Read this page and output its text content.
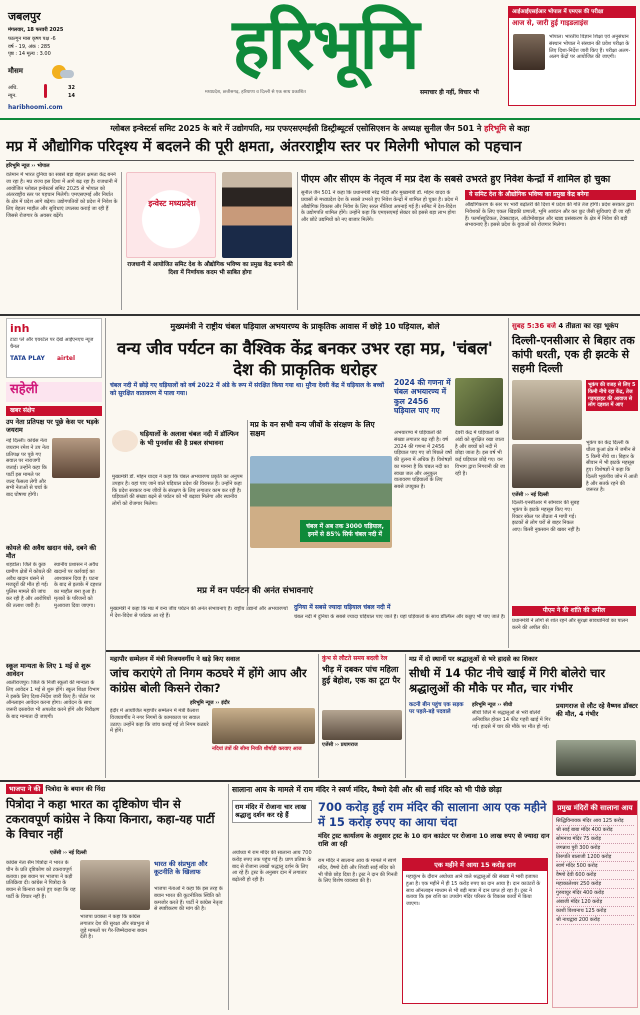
जबलपुर
मंगलवार, 18 फरवरी 2025
फाल्गुन मास कृष्ण पक्ष -6
वर्ष - 19, अंक : 285
पृष्ठ : 14 मूल्य : 3.00
मौसम
अधि.	32
न्यून.	14
haribhoomi.com
हरिभूमि
मध्यप्रदेश, छत्तीसगढ़, हरियाणा व दिल्ली से एक साथ प्रकाशित	समाचार ही नहीं, विचार भी
आईआईएसईआर भोपाल में एमएस की परीक्षा
आज से, जारी हुई गाइडलाइंस
भोपाल। भारतीय विज्ञान शिक्षा एवं अनुसंधान संस्थान भोपाल ने संस्थान की प्रवेश परीक्षा के लिए दिशा-निर्देश जारी किए हैं। परीक्षा अलग-अलग केंद्रों पर आयोजित की जाएगी।
ग्लोबल इन्वेस्टर्स समिट 2025 के बारे में उद्योगपति, मप्र एफएसएमईसी डिस्ट्रीब्यूटर्स एसोसिएशन के अध्यक्ष सुनील जैन 501 ने हरिभूमि से कहा
मप्र में औद्योगिक परिदृश्य में बदलने की पूरी क्षमता, अंतरराष्ट्रीय स्तर पर मिलेगी भोपाल को पहचान
हरिभूमि न्यूज ›› भोपाल
वर्तमान में भारत दुनिया का सबसे बड़ा बेहतर क्षमता केंद्र बनने जा रहा है। मप्र राज्य इस दिशा में आगे बढ़ रहा है। राजधानी में आयोजित ग्लोबल इन्वेस्टर्स समिट 2025 से भोपाल को अंतरराष्ट्रीय स्तर पर पहचान मिलेगी। एमएसएमई और निर्यात के क्षेत्र में प्रदेश आगे बढ़ेगा। उद्योगपतियों को प्रदेश में निवेश के लिए बेहतर माहौल और सुविधाएं उपलब्ध कराई जा रही हैं जिससे रोजगार के अवसर बढ़ेंगे।
इन्वेस्ट मध्यप्रदेश
राजधानी में आयोजित समिट देश के औद्योगिक भविष्य का प्रमुख केंद्र बनाने की दिशा में निर्णायक कदम भी साबित होगा
पीएम और सीएम के नेतृत्व में मप्र देश के सबसे उभरते हुए निवेश केन्द्रों में शामिल हो चुका
सुनील जैन 501 ने कहा कि प्रधानमंत्री नरेंद्र मोदी और मुख्यमंत्री डॉ. मोहन यादव के प्रयासों से मध्यप्रदेश देश के सबसे उभरते हुए निवेश केन्द्रों में शामिल हो चुका है। प्रदेश में औद्योगिक विकास और निवेश के लिए सरल नीतियां अपनाई गई हैं। समिट में देश-विदेश के उद्योगपति शामिल होंगे। उन्होंने कहा कि एमएसएमई सेक्टर को इससे बड़ा लाभ होगा और छोटे उद्यमियों को नए बाजार मिलेंगे।
ये समिट देश के औद्योगिक भविष्य का प्रमुख केंद्र बनेगा
औद्योगिकरण के स्तर पर भारी बढ़ोतरी की दिशा में प्रदेश की गति तेज होगी। प्रदेश सरकार द्वारा निवेशकों के लिए एकल खिड़की प्रणाली, भूमि आवंटन और कर छूट जैसी सुविधाएं दी जा रही हैं। फार्मास्युटिकल, टेक्सटाइल, ऑटोमोबाइल और खाद्य प्रसंस्करण के क्षेत्र में निवेश की बड़ी संभावनाएं हैं। इससे प्रदेश के युवाओं को रोजगार मिलेगा।
inh
टाटा प्ले और एयरटेल पर देखें आईएनएच न्यूज चैनल
TATA PLAY airtel
सहेली
खबर संक्षेप
उप नेता प्रतिपक्ष पर पूछे केस पर भड़के जयराम
नई दिल्ली। कांग्रेस नेता जयराम रमेश ने उप नेता प्रतिपक्ष पर पूछे गए सवाल पर नाराजगी जताई। उन्होंने कहा कि पार्टी इस मामले पर जल्द फैसला लेगी और सभी नेताओं से चर्चा के बाद घोषणा होगी।
कोयले की अवैध खदान धंसे, दबने की मौत
शहडोल। जिले के कुछ ग्रामीण क्षेत्रों में कोयले की अवैध खदान धंसने से मजदूरों की मौत हो गई। पुलिस मामले की जांच कर रही है और आरोपियों की तलाश जारी है।
स्थानीय प्रशासन ने अवैध खदानों पर कार्रवाई का आश्वासन दिया है। घटना के बाद से इलाके में दहशत का माहौल बना हुआ है। मृतकों के परिजनों को मुआवजा दिया जाएगा।
स्कूल मान्यता के लिए 1 मई से शुरू आवेदन
आलीराजपुर। जिले के निजी स्कूलों की मान्यता के लिए आवेदन 1 मई से शुरू होंगे। स्कूल शिक्षा विभाग ने इसके लिए दिशा-निर्देश जारी किए हैं। पोर्टल पर ऑनलाइन आवेदन करना होगा। आवेदन के साथ जरूरी दस्तावेज भी अपलोड करने होंगे और निरीक्षण के बाद मान्यता दी जाएगी।
मुख्यमंत्री ने राष्ट्रीय चंबल घड़ियाल अभयारण्य के प्राकृतिक आवास में छोड़े 10 घड़ियाल, बोले
वन्य जीव पर्यटन का वैश्विक केंद्र बनकर उभर रहा मप्र, 'चंबल' देश की प्राकृतिक धरोहर
चंबल नदी में छोड़े गए घड़ियालों को वर्ष 2022 में अंडे के रूप में संरक्षित किया गया था। मुरैना देवरी केंद्र में घड़ियाल के बच्चों को सुरक्षित वातावरण में पाला गया।
2024 की गणना में चंबल अभयारण्य में कुल 2456 घड़ियाल पाए गए
घड़ियालों के अलावा चंबल नदी में डॉल्फिन के भी पुनर्वास की है प्रबल संभावना
मुख्यमंत्री डॉ. मोहन यादव ने कहा कि चंबल अभयारण्य प्रकृति का अनुपम उपहार है। यहां पाए जाने वाले घड़ियाल प्रदेश की विरासत हैं। उन्होंने कहा कि प्रदेश सरकार वन्य जीवों के संरक्षण के लिए लगातार काम कर रही है। घड़ियालों की संख्या बढ़ने से पर्यटन को भी बढ़ावा मिलेगा और स्थानीय लोगों को रोजगार मिलेगा।
मप्र के वन सभी वन्य जीवों के संरक्षण के लिए सक्षम
चंबल में अब तक 3000 घड़ियाल, इनमें से 85% सिर्फ चंबल नदी में
अभयारण्य में घड़ियालों की संख्या लगातार बढ़ रही है। वर्ष 2024 की गणना में 2456 घड़ियाल पाए गए जो पिछले वर्षों की तुलना में अधिक हैं। विशेषज्ञों का मानना है कि चंबल नदी का स्वच्छ जल और अनुकूल वातावरण घड़ियालों के लिए सबसे उपयुक्त है।
देवरी केंद्र में घड़ियालों के अंडों को सुरक्षित रखा जाता है और बच्चों को नदी में छोड़ा जाता है। इस वर्ष भी कई घड़ियाल छोड़े गए। वन विभाग द्वारा निगरानी की जा रही है।
मप्र में वन पर्यटन की अनंत संभावनाएं
दुनिया में सबसे ज्यादा घड़ियाल चंबल नदी में
मुख्यमंत्री ने कहा कि मप्र में वन्य जीव पर्यटन की अनंत संभावनाएं हैं। राष्ट्रीय उद्यानों और अभयारण्यों में देश-विदेश से पर्यटक आ रहे हैं।	चंबल नदी में दुनिया के सबसे ज्यादा घड़ियाल पाए जाते हैं। यहां घड़ियालों के साथ डॉल्फिन और कछुए भी पाए जाते हैं।
सुबह 5:36 बजे 4 तीव्रता का रहा भूकंप
दिल्ली-एनसीआर से बिहार तक कांपी धरती, एक ही झटके से सहमी दिल्ली
भूकंप की वजह से लिए 5 किमी नीचे रहा केंद्र, तेज गड़गड़ाहट की आवाज से लोग दहशत में आए
एजेंसी ›› नई दिल्ली
दिल्ली-एनसीआर में सोमवार की सुबह भूकंप के झटके महसूस किए गए। रिक्टर स्केल पर तीव्रता 4 मापी गई। झटकों से लोग घरों से बाहर निकल आए। किसी नुकसान की खबर नहीं है।
भूकंप का केंद्र दिल्ली के धौला कुआं क्षेत्र में जमीन से 5 किमी नीचे था। बिहार के सीवान में भी झटके महसूस हुए। विशेषज्ञों ने कहा कि दिल्ली भूकंपीय जोन में आती है और सतर्क रहने की जरूरत है।
पीएम ने की शांति की अपील
प्रधानमंत्री ने लोगों से शांत रहने और सुरक्षा सावधानियों का पालन करने की अपील की।
महापौर सम्मेलन में मंत्री विजयवर्गीय ने खड़े किए सवाल
जांच कराएंगे तो निगम कठघरे में होंगे आप और कांग्रेस बोली किसने रोका?
हरिभूमि न्यूज ›› इंदौर
इंदौर में आयोजित महापौर सम्मेलन में मंत्री कैलाश विजयवर्गीय ने नगर निगमों के कामकाज पर सवाल उठाए। उन्होंने कहा कि जांच कराई गई तो निगम कठघरे में होंगे।
नदियां तंत्रों की सीमा नियति शीर्षाड़ी करवाए आज
कुंभ से लौटते समय बदली रेल
भीड़ में दबकर पांच महिला हुई बेहोश, एक का टूटा पैर
एजेंसी ›› प्रयागराज
मप्र में दो स्थानों पर श्रद्धालुओं से भरे हादसे का शिकार
सीधी में 14 फीट नीचे खाई में गिरी बोलेरो चार श्रद्धालुओं की मौके पर मौत, चार गंभीर
कटनी बीन पहुंच एक सड़क पर पहले-बड़े पदवाले
हरिभूमि न्यूज ›› सीधी
सीधी जिले में श्रद्धालुओं से भरी बोलेरो अनियंत्रित होकर 14 फीट गहरी खाई में गिर गई। हादसे में चार की मौके पर मौत हो गई।
प्रयागराज से लौट रहे वैष्णव डॉक्टर की मौत, 4 गंभीर
भाजपा ने की पित्रोदा के बयान की निंदा
पित्रोदा ने कहा भारत का दृष्टिकोण चीन से टकरावपूर्ण कांग्रेस ने किया किनारा, कहा-यह पार्टी के विचार नहीं
एजेंसी ›› नई दिल्ली
कांग्रेस नेता सैम पित्रोदा ने भारत के चीन के प्रति दृष्टिकोण को टकरावपूर्ण बताया। इस बयान पर भाजपा ने कड़ी प्रतिक्रिया दी। कांग्रेस ने पित्रोदा के बयान से किनारा करते हुए कहा कि यह पार्टी के विचार नहीं हैं।
भाजपा प्रवक्ता ने कहा कि कांग्रेस लगातार देश की सुरक्षा और संप्रभुता से जुड़े मामलों पर गैर-जिम्मेदाराना बयान देती है।
भारत की संप्रभुता और कूटनीति के खिलाफ
भाजपा नेताओं ने कहा कि इस तरह के बयान भारत की कूटनीतिक स्थिति को कमजोर करते हैं। पार्टी ने कांग्रेस नेतृत्व से स्पष्टीकरण की मांग की है।
सालाना आय के मामले में राम मंदिर ने स्वर्ण मंदिर, वैष्णो देवी और श्री साईं मंदिर को भी पीछे छोड़ा
राम मंदिर में रोजाना चार लाख श्रद्धालु दर्शन कर रहे हैं
700 करोड़ हुई राम मंदिर की सालाना आय एक महीने में 15 करोड़ रुपए का आया चंदा
मंदिर ट्रस्ट कार्यालय के अनुसार ट्रस्ट के 10 दान काउंटर पर रोजाना 10 लाख रुपए से ज्यादा दान राशि आ रही
अयोध्या में राम मंदिर की सालाना आय 700 करोड़ रुपए तक पहुंच गई है। प्राण प्रतिष्ठा के बाद से रोजाना लाखों श्रद्धालु दर्शन के लिए आ रहे हैं। ट्रस्ट के अनुसार दान में लगातार बढ़ोतरी हो रही है।
राम मंदिर ने सालाना आय के मामले में स्वर्ण मंदिर, वैष्णो देवी और शिरडी साईं मंदिर को भी पीछे छोड़ दिया है। ट्रस्ट ने दान की गिनती के लिए विशेष व्यवस्था की है।
एक महीने में आया 15 करोड़ दान
महाकुंभ के दौरान अयोध्या आने वाले श्रद्धालुओं की संख्या में भारी इजाफा हुआ है। एक महीने में ही 15 करोड़ रुपए का दान आया है। दान काउंटरों के साथ ऑनलाइन माध्यम से भी बड़ी मात्रा में दान प्राप्त हो रहा है। ट्रस्ट ने बताया कि इस राशि का उपयोग मंदिर परिसर के विकास कार्यों में किया जाएगा।
प्रमुख मंदिरों की सालाना आय
सिद्धिविनायक मंदिर आय 125 करोड़
श्री साईं बाबा मंदिर 400 करोड़
सोमनाथ मंदिर 75 करोड़
जगन्नाथ पुरी 300 करोड़
तिरुपति बालाजी 1200 करोड़
स्वर्ण मंदिर 500 करोड़
वैष्णो देवी 600 करोड़
महाकालेश्वर 250 करोड़
गुरुवायुर मंदिर 400 करोड़
अंबाजी मंदिर 120 करोड़
काशी विश्वनाथ 125 करोड़
श्री नाथद्वारा 200 करोड़
